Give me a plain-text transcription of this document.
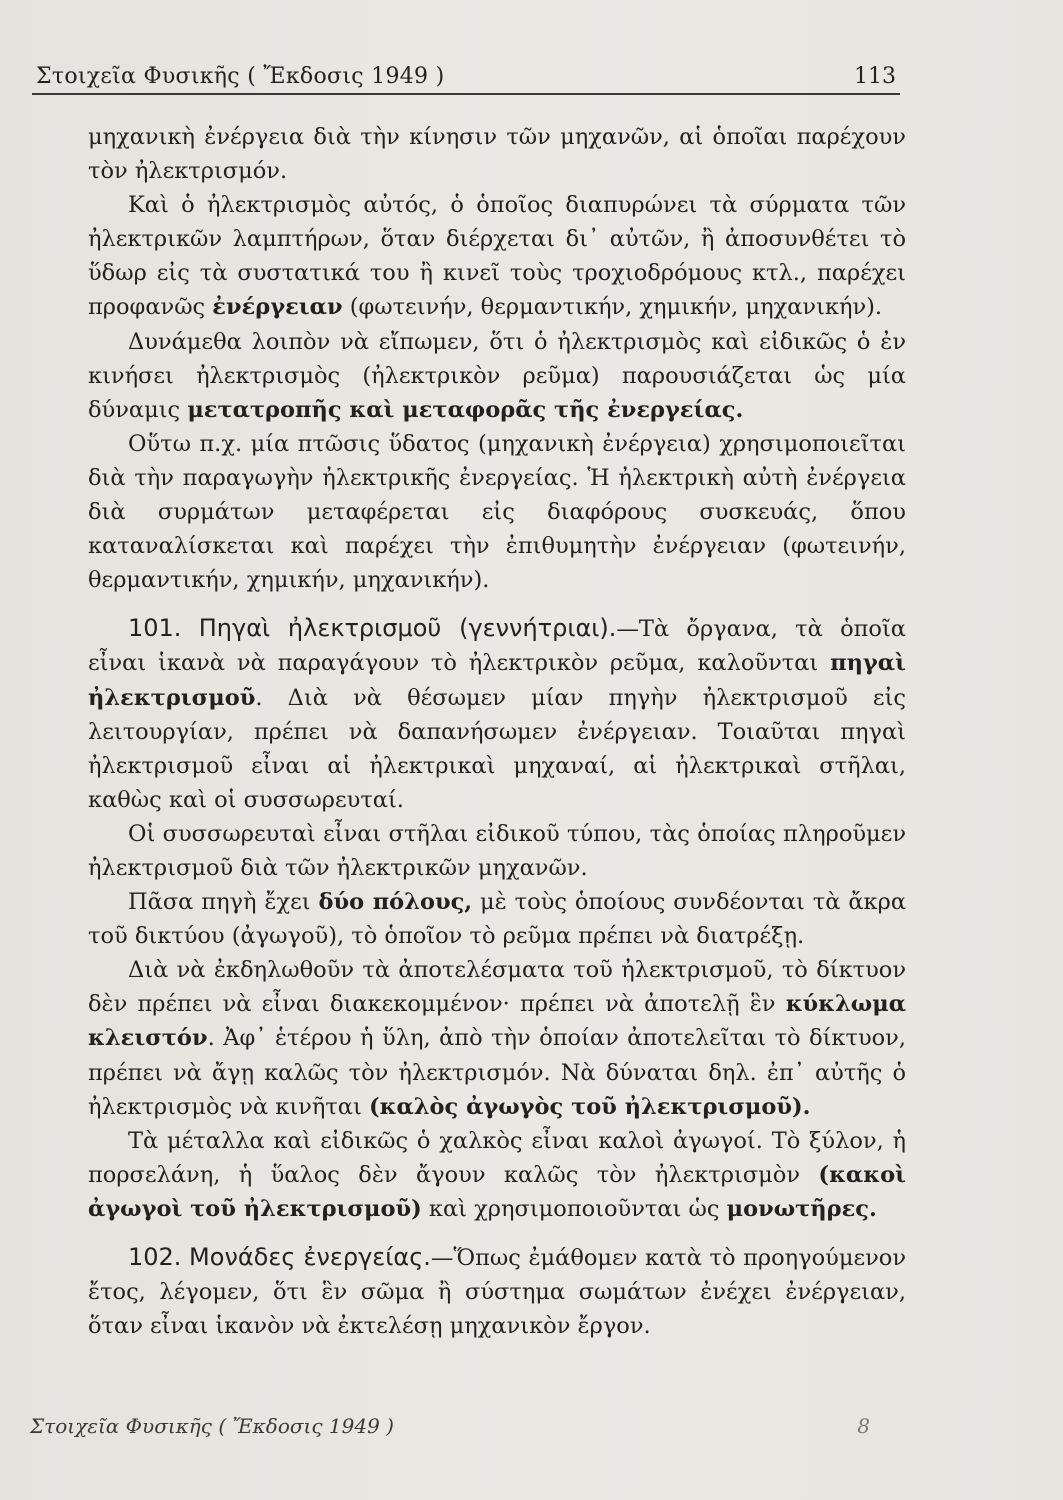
Στοιχεῖα Φυσικῆς ( Ἔκδοσις 1949 )	113

μηχανικὴ ἐνέργεια διὰ τὴν κίνησιν τῶν μηχανῶν, αἱ ὁποῖαι παρέχουν τὸν ἠλεκτρισμόν.

Καὶ ὁ ἠλεκτρισμὸς αὐτός, ὁ ὁποῖος διαπυρώνει τὰ σύρματα τῶν ἠλεκτρικῶν λαμπτήρων, ὅταν διέρχεται δι᾽ αὐτῶν, ἢ ἀποσυνθέτει τὸ ὕδωρ εἰς τὰ συστατικά του ἢ κινεῖ τοὺς τροχιοδρόμους κτλ., παρέχει προφανῶς ἐνέργειαν (φωτεινήν, θερμαντικήν, χημικήν, μηχανικήν).

Δυνάμεθα λοιπὸν νὰ εἴπωμεν, ὅτι ὁ ἠλεκτρισμὸς καὶ εἰδικῶς ὁ ἐν κινήσει ἠλεκτρισμὸς (ἠλεκτρικὸν ρεῦμα) παρουσιάζεται ὡς μία δύναμις μετατροπῆς καὶ μεταφορᾶς τῆς ἐνεργείας.

Οὕτω π.χ. μία πτῶσις ὕδατος (μηχανικὴ ἐνέργεια) χρησιμοποιεῖται διὰ τὴν παραγωγὴν ἠλεκτρικῆς ἐνεργείας. Ἡ ἠλεκτρικὴ αὐτὴ ἐνέργεια διὰ συρμάτων μεταφέρεται εἰς διαφόρους συσκευάς, ὅπου καταναλίσκεται καὶ παρέχει τὴν ἐπιθυμητὴν ἐνέργειαν (φωτεινήν, θερμαντικήν, χημικήν, μηχανικήν).

101. Πηγαὶ ἠλεκτρισμοῦ (γεννήτριαι).—Τὰ ὄργανα, τὰ ὁποῖα εἶναι ἱκανὰ νὰ παραγάγουν τὸ ἠλεκτρικὸν ρεῦμα, καλοῦνται πηγαὶ ἠλεκτρισμοῦ. Διὰ νὰ θέσωμεν μίαν πηγὴν ἠλεκτρισμοῦ εἰς λειτουργίαν, πρέπει νὰ δαπανήσωμεν ἐνέργειαν. Τοιαῦται πηγαὶ ἠλεκτρισμοῦ εἶναι αἱ ἠλεκτρικαὶ μηχαναί, αἱ ἠλεκτρικαὶ στῆλαι, καθὼς καὶ οἱ συσσωρευταί.

Οἱ συσσωρευταὶ εἶναι στῆλαι εἰδικοῦ τύπου, τὰς ὁποίας πληροῦμεν ἠλεκτρισμοῦ διὰ τῶν ἠλεκτρικῶν μηχανῶν.

Πᾶσα πηγὴ ἔχει δύο πόλους, μὲ τοὺς ὁποίους συνδέονται τὰ ἄκρα τοῦ δικτύου (ἀγωγοῦ), τὸ ὁποῖον τὸ ρεῦμα πρέπει νὰ διατρέξῃ.

Διὰ νὰ ἐκδηλωθοῦν τὰ ἀποτελέσματα τοῦ ἠλεκτρισμοῦ, τὸ δίκτυον δὲν πρέπει νὰ εἶναι διακεκομμένον· πρέπει νὰ ἀποτελῇ ἓν κύκλωμα κλειστόν. Ἀφ᾽ ἑτέρου ἡ ὕλη, ἀπὸ τὴν ὁποίαν ἀποτελεῖται τὸ δίκτυον, πρέπει νὰ ἄγῃ καλῶς τὸν ἠλεκτρισμόν. Νὰ δύναται δηλ. ἐπ᾽ αὐτῆς ὁ ἠλεκτρισμὸς νὰ κινῆται (καλὸς ἀγωγὸς τοῦ ἠλεκτρισμοῦ).

Τὰ μέταλλα καὶ εἰδικῶς ὁ χαλκὸς εἶναι καλοὶ ἀγωγοί. Τὸ ξύλον, ἡ πορσελάνη, ἡ ὕαλος δὲν ἄγουν καλῶς τὸν ἠλεκτρισμὸν (κακοὶ ἀγωγοὶ τοῦ ἠλεκτρισμοῦ) καὶ χρησιμοποιοῦνται ὡς μονωτῆρες.

102. Μονάδες ἐνεργείας.—Ὅπως ἐμάθομεν κατὰ τὸ προηγούμενον ἔτος, λέγομεν, ὅτι ἓν σῶμα ἢ σύστημα σωμάτων ἐνέχει ἐνέργειαν, ὅταν εἶναι ἱκανὸν νὰ ἐκτελέσῃ μηχανικὸν ἔργον.

Στοιχεῖα Φυσικῆς ( Ἔκδοσις 1949 )	8
